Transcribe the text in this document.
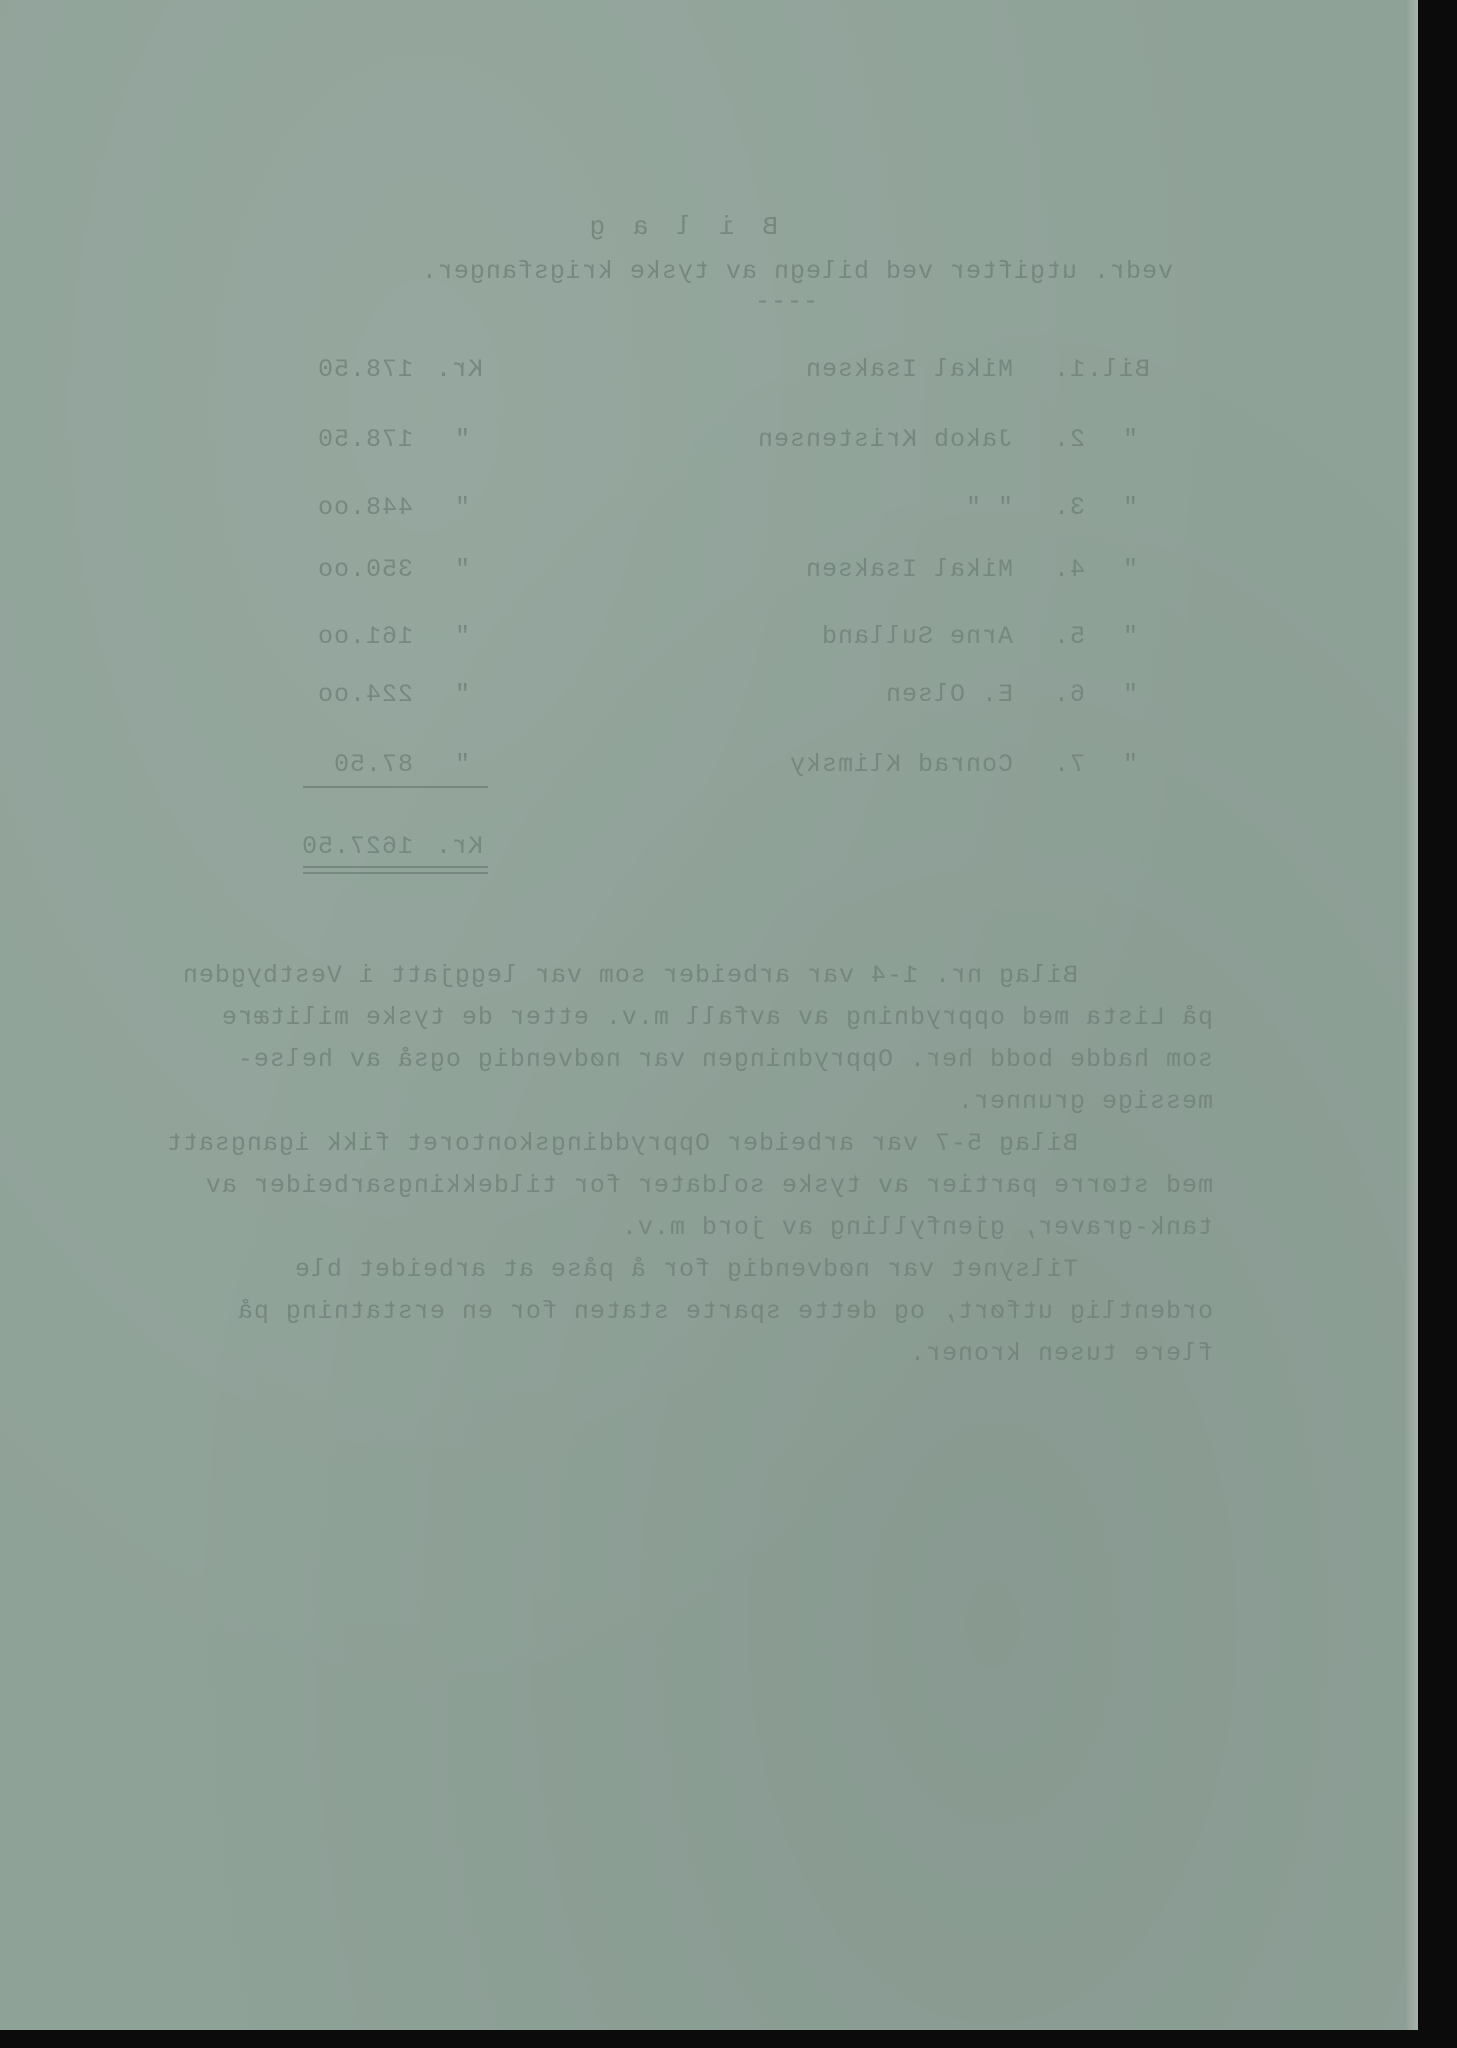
B i l a g
vedr. utgifter ved bilegn av tyske krigsfanger.
----
Bil.
1.
Mikal Isaksen
Kr.
178.50
"
2.
Jakob Kristensen
"
178.50
"
3.
" "
"
448.oo
"
4.
Mikal Isaksen
"
350.oo
"
5.
Arne Sulland
"
161.oo
"
6.
E. Olsen
"
224.oo
"
7.
Conrad Klimsky
"
87.50
Kr.
1627.50
Bilag nr. 1-4 var arbeider som var leggjatt i Vestbygden
på Lista med opprydning av avfall m.v. etter de tyske militære
som hadde bodd her. Opprydningen var nødvendig også av helse-
messige grunner.
Bilag 5-7 var arbeider Oppryddingskontoret fikk igangsatt
med større partier av tyske soldater for tildekkingsarbeider av
tank-graver, gjenfylling av jord m.v.
Tilsynet var nødvendig for å påse at arbeidet ble
ordentlig utført, og dette sparte staten for en erstatning på
flere tusen kroner.
